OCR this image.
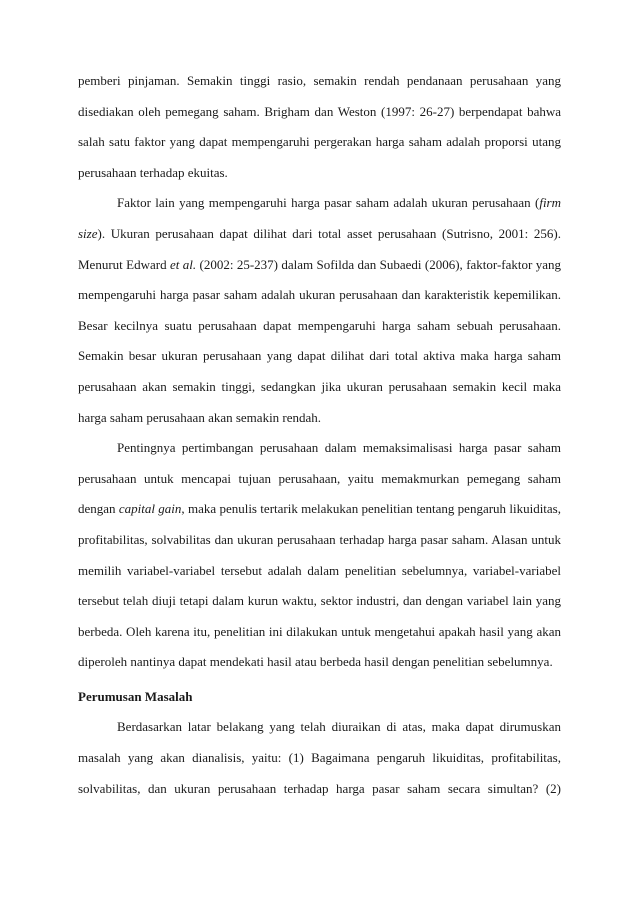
pemberi pinjaman. Semakin tinggi rasio, semakin rendah pendanaan perusahaan yang
disediakan oleh pemegang saham. Brigham dan Weston (1997: 26-27) berpendapat bahwa
salah satu faktor yang dapat mempengaruhi pergerakan harga saham adalah proporsi utang
perusahaan terhadap ekuitas.
Faktor lain yang mempengaruhi harga pasar saham adalah ukuran perusahaan (firm
size). Ukuran perusahaan dapat dilihat dari total asset perusahaan (Sutrisno, 2001: 256).
Menurut Edward et al. (2002: 25-237) dalam Sofilda dan Subaedi (2006), faktor-faktor yang
mempengaruhi harga pasar saham adalah ukuran perusahaan dan karakteristik kepemilikan.
Besar kecilnya suatu perusahaan dapat mempengaruhi harga saham sebuah perusahaan.
Semakin besar ukuran perusahaan yang dapat dilihat dari total aktiva maka harga saham
perusahaan akan semakin tinggi, sedangkan jika ukuran perusahaan semakin kecil maka
harga saham perusahaan akan semakin rendah.
Pentingnya pertimbangan perusahaan dalam memaksimalisasi harga pasar saham
perusahaan untuk mencapai tujuan perusahaan, yaitu memakmurkan pemegang saham
dengan capital gain, maka penulis tertarik melakukan penelitian tentang pengaruh likuiditas,
profitabilitas, solvabilitas dan ukuran perusahaan terhadap harga pasar saham. Alasan untuk
memilih variabel-variabel tersebut adalah dalam penelitian sebelumnya, variabel-variabel
tersebut telah diuji tetapi dalam kurun waktu, sektor industri, dan dengan variabel lain yang
berbeda. Oleh karena itu, penelitian ini dilakukan untuk mengetahui apakah hasil yang akan
diperoleh nantinya dapat mendekati hasil atau berbeda hasil dengan penelitian sebelumnya.
Perumusan Masalah
Berdasarkan latar belakang yang telah diuraikan di atas, maka dapat dirumuskan
masalah yang akan dianalisis, yaitu: (1) Bagaimana pengaruh likuiditas, profitabilitas,
solvabilitas, dan ukuran perusahaan terhadap harga pasar saham secara simultan? (2)
